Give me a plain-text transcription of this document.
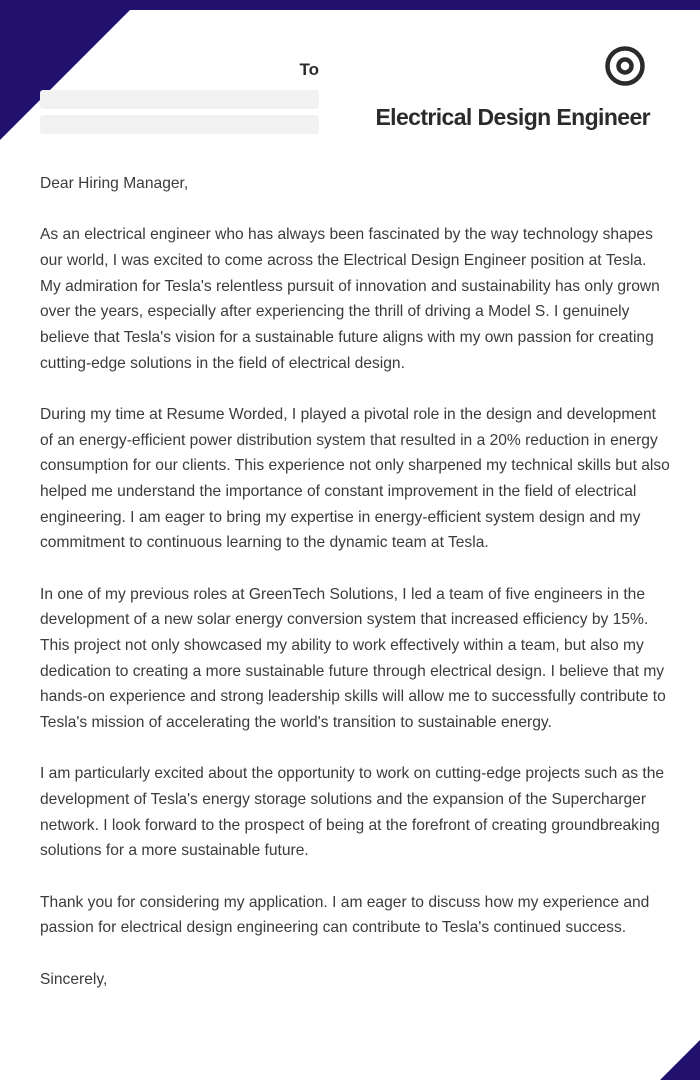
To
Electrical Design Engineer

Dear Hiring Manager,

As an electrical engineer who has always been fascinated by the way technology shapes our world, I was excited to come across the Electrical Design Engineer position at Tesla. My admiration for Tesla's relentless pursuit of innovation and sustainability has only grown over the years, especially after experiencing the thrill of driving a Model S. I genuinely believe that Tesla's vision for a sustainable future aligns with my own passion for creating cutting-edge solutions in the field of electrical design.

During my time at Resume Worded, I played a pivotal role in the design and development of an energy-efficient power distribution system that resulted in a 20% reduction in energy consumption for our clients. This experience not only sharpened my technical skills but also helped me understand the importance of constant improvement in the field of electrical engineering. I am eager to bring my expertise in energy-efficient system design and my commitment to continuous learning to the dynamic team at Tesla.

In one of my previous roles at GreenTech Solutions, I led a team of five engineers in the development of a new solar energy conversion system that increased efficiency by 15%. This project not only showcased my ability to work effectively within a team, but also my dedication to creating a more sustainable future through electrical design. I believe that my hands-on experience and strong leadership skills will allow me to successfully contribute to Tesla's mission of accelerating the world's transition to sustainable energy.

I am particularly excited about the opportunity to work on cutting-edge projects such as the development of Tesla's energy storage solutions and the expansion of the Supercharger network. I look forward to the prospect of being at the forefront of creating groundbreaking solutions for a more sustainable future.

Thank you for considering my application. I am eager to discuss how my experience and passion for electrical design engineering can contribute to Tesla's continued success.

Sincerely,
